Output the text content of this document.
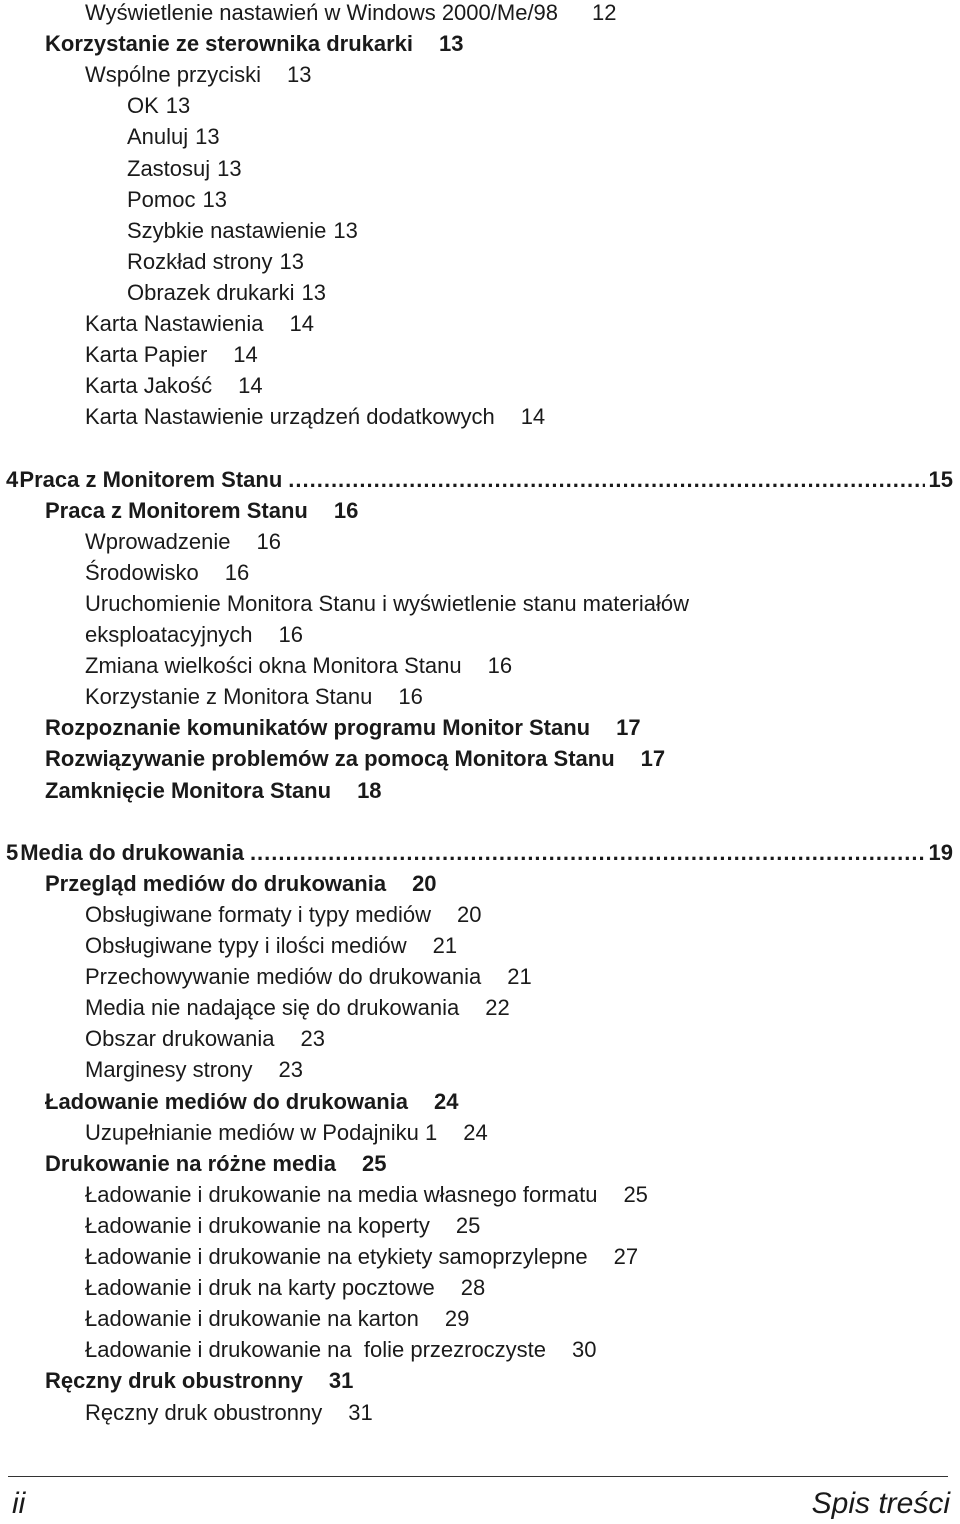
Wyświetlenie nastawień w Windows 2000/Me/98 12
Korzystanie ze sterownika drukarki 13
Wspólne przyciski 13
OK 13
Anuluj 13
Zastosuj 13
Pomoc 13
Szybkie nastawienie 13
Rozkład strony 13
Obrazek drukarki 13
Karta Nastawienia 14
Karta Papier 14
Karta Jakość 14
Karta Nastawienie urządzeń dodatkowych 14
4 Praca z Monitorem Stanu .....	15
Praca z Monitorem Stanu 16
Wprowadzenie 16
Środowisko 16
Uruchomienie Monitora Stanu i wyświetlenie stanu materiałów
eksploatacyjnych 16
Zmiana wielkości okna Monitora Stanu 16
Korzystanie z Monitora Stanu 16
Rozpoznanie komunikatów programu Monitor Stanu 17
Rozwiązywanie problemów za pomocą Monitora Stanu 17
Zamknięcie Monitora Stanu 18
5 Media do drukowania .....	19
Przegląd mediów do drukowania 20
Obsługiwane formaty i typy mediów 20
Obsługiwane typy i ilości mediów 21
Przechowywanie mediów do drukowania 21
Media nie nadające się do drukowania 22
Obszar drukowania 23
Marginesy strony 23
Ładowanie mediów do drukowania 24
Uzupełnianie mediów w Podajniku 1 24
Drukowanie na różne media 25
Ładowanie i drukowanie na media własnego formatu 25
Ładowanie i drukowanie na koperty 25
Ładowanie i drukowanie na etykiety samoprzylepne 27
Ładowanie i druk na karty pocztowe 28
Ładowanie i drukowanie na karton 29
Ładowanie i drukowanie na  folie przezroczyste 30
Ręczny druk obustronny 31
Ręczny druk obustronny 31
ii	Spis treści
